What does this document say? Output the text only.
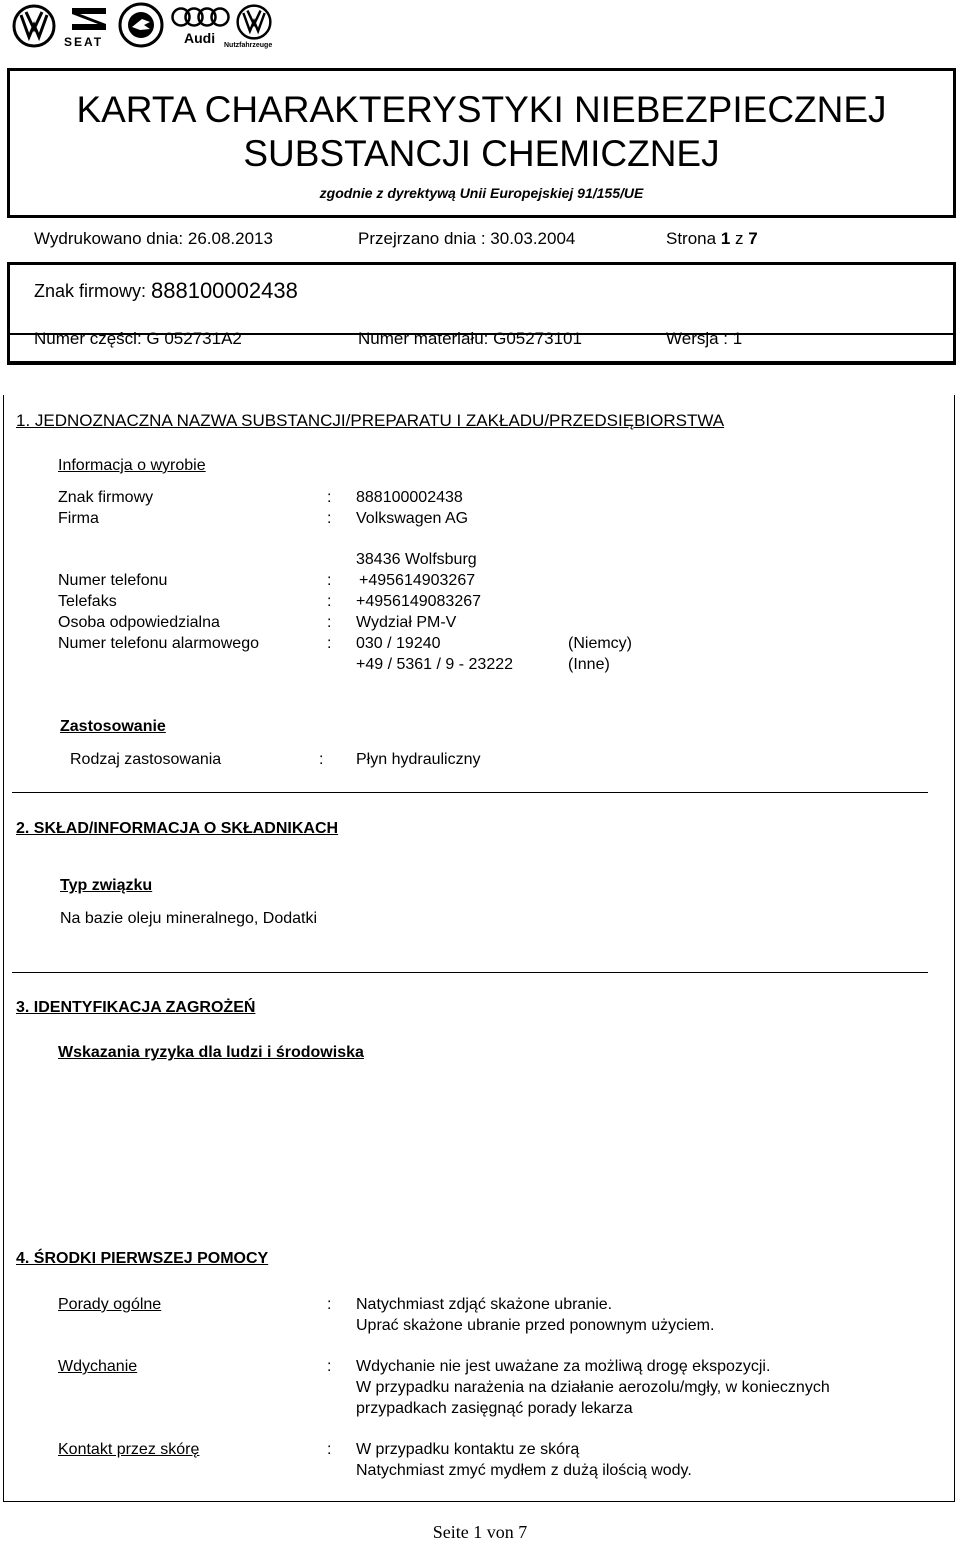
SEAT	Audi Nutzfahrzeuge
KARTA CHARAKTERYSTYKI NIEBEZPIECZNEJ
SUBSTANCJI CHEMICZNEJ
zgodnie z dyrektywą Unii Europejskiej 91/155/UE
Wydrukowano dnia: 26.08.2013	Przejrzano dnia : 30.03.2004	Strona 1 z 7
Znak firmowy: 888100002438
Numer części: G 052731A2	Numer materiału: G05273101	Wersja : 1
1. JEDNOZNACZNA NAZWA SUBSTANCJI/PREPARATU I ZAKŁADU/PRZEDSIĘBIORSTWA
Informacja o wyrobie
Znak firmowy	: 888100002438
Firma	: Volkswagen AG
38436 Wolfsburg
Numer telefonu	: +495614903267
Telefaks	: +4956149083267
Osoba odpowiedzialna	: Wydział PM-V
Numer telefonu alarmowego	: 030 / 19240	(Niemcy)
+49 / 5361 / 9 - 23222	(Inne)
Zastosowanie
Rodzaj zastosowania	: Płyn hydrauliczny
2. SKŁAD/INFORMACJA O SKŁADNIKACH
Typ związku
Na bazie oleju mineralnego, Dodatki
3. IDENTYFIKACJA ZAGROŻEŃ
Wskazania ryzyka dla ludzi i środowiska
4. ŚRODKI PIERWSZEJ POMOCY
Porady ogólne	: Natychmiast zdjąć skażone ubranie.
Uprać skażone ubranie przed ponownym użyciem.
Wdychanie	: Wdychanie nie jest uważane za możliwą drogę ekspozycji.
W przypadku narażenia na działanie aerozolu/mgły, w koniecznych
przypadkach zasięgnąć porady lekarza
Kontakt przez skórę	: W przypadku kontaktu ze skórą
Natychmiast zmyć mydłem z dużą ilością wody.
Seite 1 von 7
